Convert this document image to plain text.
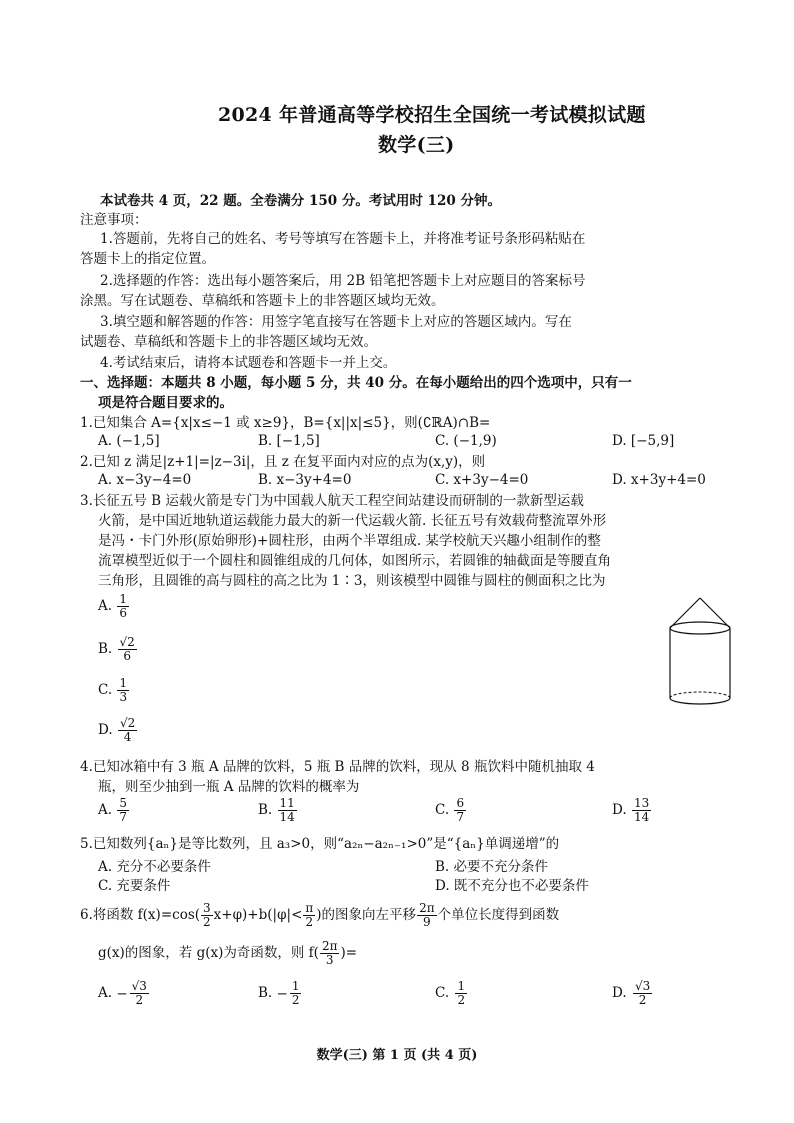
2024 年普通高等学校招生全国统一考试模拟试题
数学(三)
本试卷共 4 页，22 题。全卷满分 150 分。考试用时 120 分钟。
注意事项：
1.答题前，先将自己的姓名、考号等填写在答题卡上，并将准考证号条形码粘贴在
答题卡上的指定位置。
2.选择题的作答：选出每小题答案后，用 2B 铅笔把答题卡上对应题目的答案标号
涂黑。写在试题卷、草稿纸和答题卡上的非答题区域均无效。
3.填空题和解答题的作答：用签字笔直接写在答题卡上对应的答题区域内。写在
试题卷、草稿纸和答题卡上的非答题区域均无效。
4.考试结束后，请将本试题卷和答题卡一并上交。
一、选择题：本题共 8 小题，每小题 5 分，共 40 分。在每小题给出的四个选项中，只有一
项是符合题目要求的。
1.已知集合 A={x|x≤−1 或 x≥9}，B={x||x|≤5}，则(∁ℝA)∩B=
A. (−1,5]	B. [−1,5]	C. (−1,9)	D. [−5,9]
2.已知 z 满足|z+1|=|z−3i|，且 z 在复平面内对应的点为(x,y)，则
A. x−3y−4=0	B. x−3y+4=0	C. x+3y−4=0	D. x+3y+4=0
3.长征五号 B 运载火箭是专门为中国载人航天工程空间站建设而研制的一款新型运载
火箭，是中国近地轨道运载能力最大的新一代运载火箭. 长征五号有效载荷整流罩外形
是冯・卡门外形(原始卵形)+圆柱形，由两个半罩组成. 某学校航天兴趣小组制作的整
流罩模型近似于一个圆柱和圆锥组成的几何体，如图所示，若圆锥的轴截面是等腰直角
三角形，且圆锥的高与圆柱的高之比为 1∶3，则该模型中圆锥与圆柱的侧面积之比为
A. $\frac{1}{6}$
B. $\frac{√2}{6}$
C. $\frac{1}{3}$
D. $\frac{√2}{4}$
4.已知冰箱中有 3 瓶 A 品牌的饮料，5 瓶 B 品牌的饮料，现从 8 瓶饮料中随机抽取 4
瓶，则至少抽到一瓶 A 品牌的饮料的概率为
A. $\frac{5}{7}$	B. $\frac{11}{14}$	C. $\frac{6}{7}$	D. $\frac{13}{14}$
5.已知数列{aₙ}是等比数列，且 a₃>0，则“a₂ₙ−a₂ₙ₋₁>0”是“{aₙ}单调递增”的
A. 充分不必要条件	B. 必要不充分条件
C. 充要条件	D. 既不充分也不必要条件
6.将函数 $f(x)=\cos( \frac{3}{2} x+\varphi)+b(|\varphi|< \frac{\pi}{2}$ )的图象向左平移 $\frac{2\pi}{9}$ 个单位长度得到函数
g(x)的图象，若 g(x)为奇函数，则 $f( \frac{2\pi}{3}$ )=
A. − $\frac{√3}{2}$	B. − $\frac{1}{2}$	C. $\frac{1}{2}$	D. $\frac{√3}{2}$
数学(三) 第 1 页 (共 4 页)
